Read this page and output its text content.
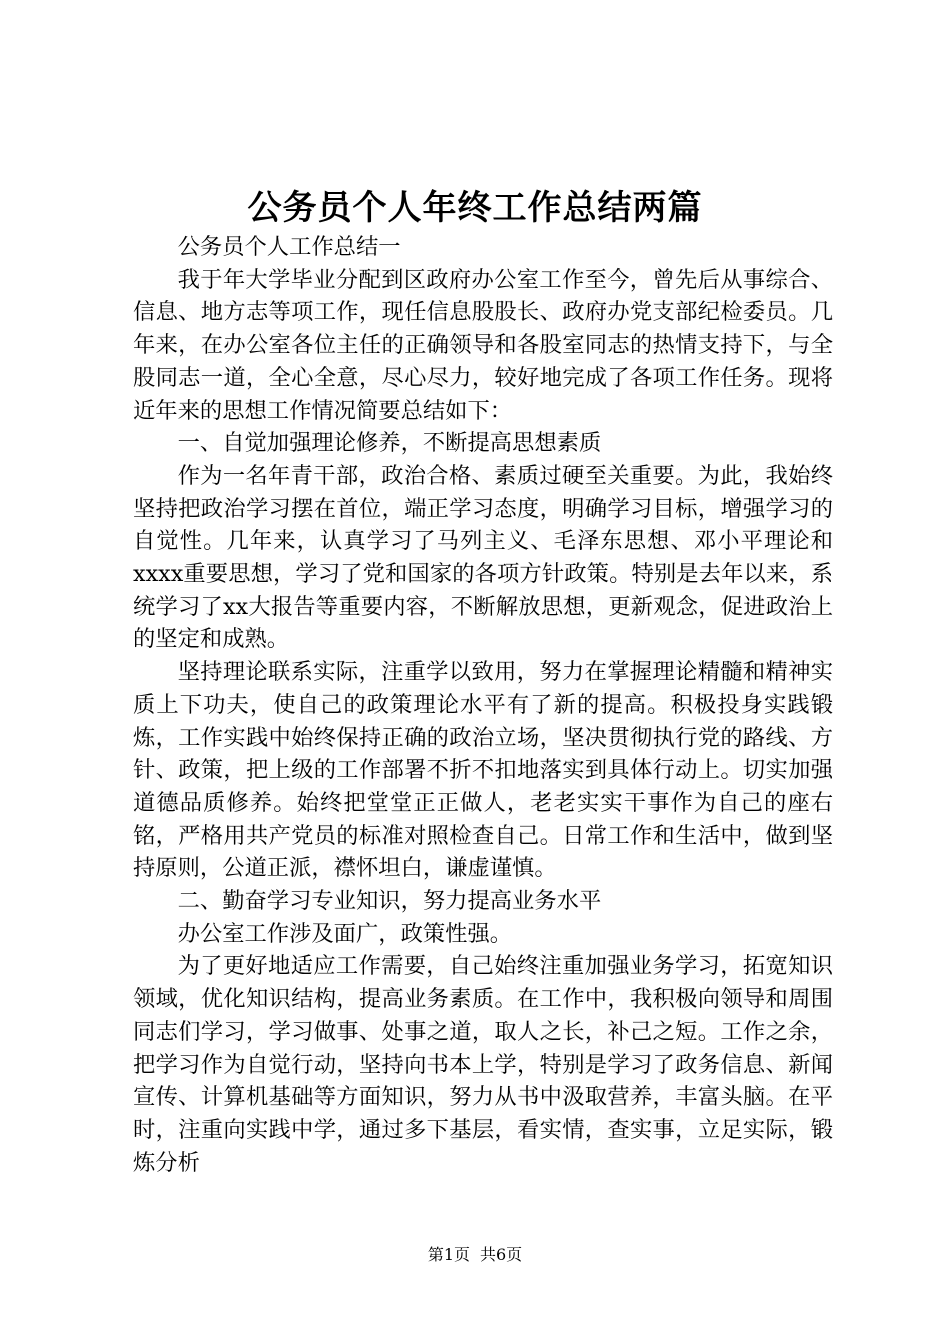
公务员个人年终工作总结两篇

公务员个人工作总结一

我于年大学毕业分配到区政府办公室工作至今，曾先后从事综合、信息、地方志等项工作，现任信息股股长、政府办党支部纪检委员。几年来，在办公室各位主任的正确领导和各股室同志的热情支持下，与全股同志一道，全心全意，尽心尽力，较好地完成了各项工作任务。现将近年来的思想工作情况简要总结如下：

一、自觉加强理论修养，不断提高思想素质

作为一名年青干部，政治合格、素质过硬至关重要。为此，我始终坚持把政治学习摆在首位，端正学习态度，明确学习目标，增强学习的自觉性。几年来，认真学习了马列主义、毛泽东思想、邓小平理论和xxxx重要思想，学习了党和国家的各项方针政策。特别是去年以来，系统学习了xx大报告等重要内容，不断解放思想，更新观念，促进政治上的坚定和成熟。

坚持理论联系实际，注重学以致用，努力在掌握理论精髓和精神实质上下功夫，使自己的政策理论水平有了新的提高。积极投身实践锻炼，工作实践中始终保持正确的政治立场，坚决贯彻执行党的路线、方针、政策，把上级的工作部署不折不扣地落实到具体行动上。切实加强道德品质修养。始终把堂堂正正做人，老老实实干事作为自己的座右铭，严格用共产党员的标准对照检查自己。日常工作和生活中，做到坚持原则，公道正派，襟怀坦白，谦虚谨慎。

二、勤奋学习专业知识，努力提高业务水平

办公室工作涉及面广，政策性强。

为了更好地适应工作需要，自己始终注重加强业务学习，拓宽知识领域，优化知识结构，提高业务素质。在工作中，我积极向领导和周围同志们学习，学习做事、处事之道，取人之长，补己之短。工作之余，把学习作为自觉行动，坚持向书本上学，特别是学习了政务信息、新闻宣传、计算机基础等方面知识，努力从书中汲取营养，丰富头脑。在平时，注重向实践中学，通过多下基层，看实情，查实事，立足实际，锻炼分析

第1页 共6页
